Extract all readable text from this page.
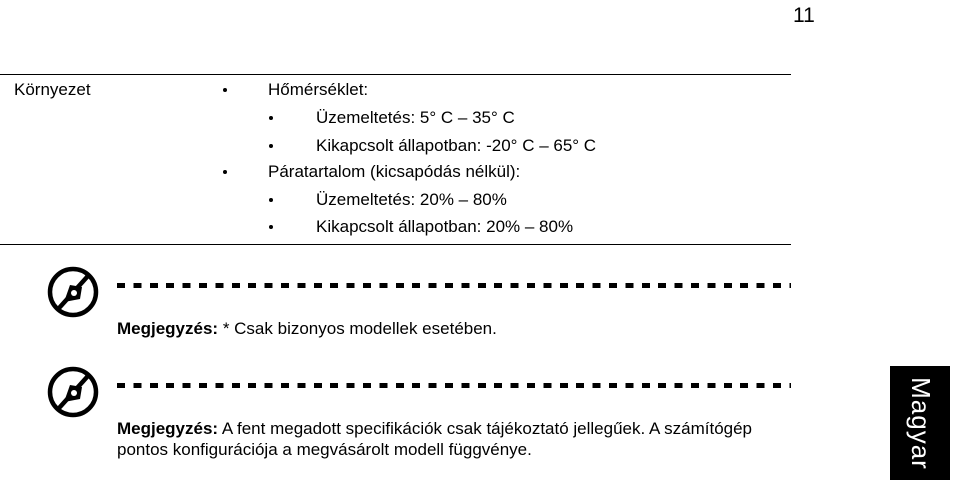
11
Környezet	Hőmérséklet:
Üzemeltetés: 5° C – 35° C
Kikapcsolt állapotban: -20° C – 65° C
Páratartalom (kicsapódás nélkül):
Üzemeltetés: 20% – 80%
Kikapcsolt állapotban: 20% – 80%
Megjegyzés: * Csak bizonyos modellek esetében.
Megjegyzés: A fent megadott specifikációk csak tájékoztató jellegűek. A számítógép pontos konfigurációja a megvásárolt modell függvénye.	Magyar
